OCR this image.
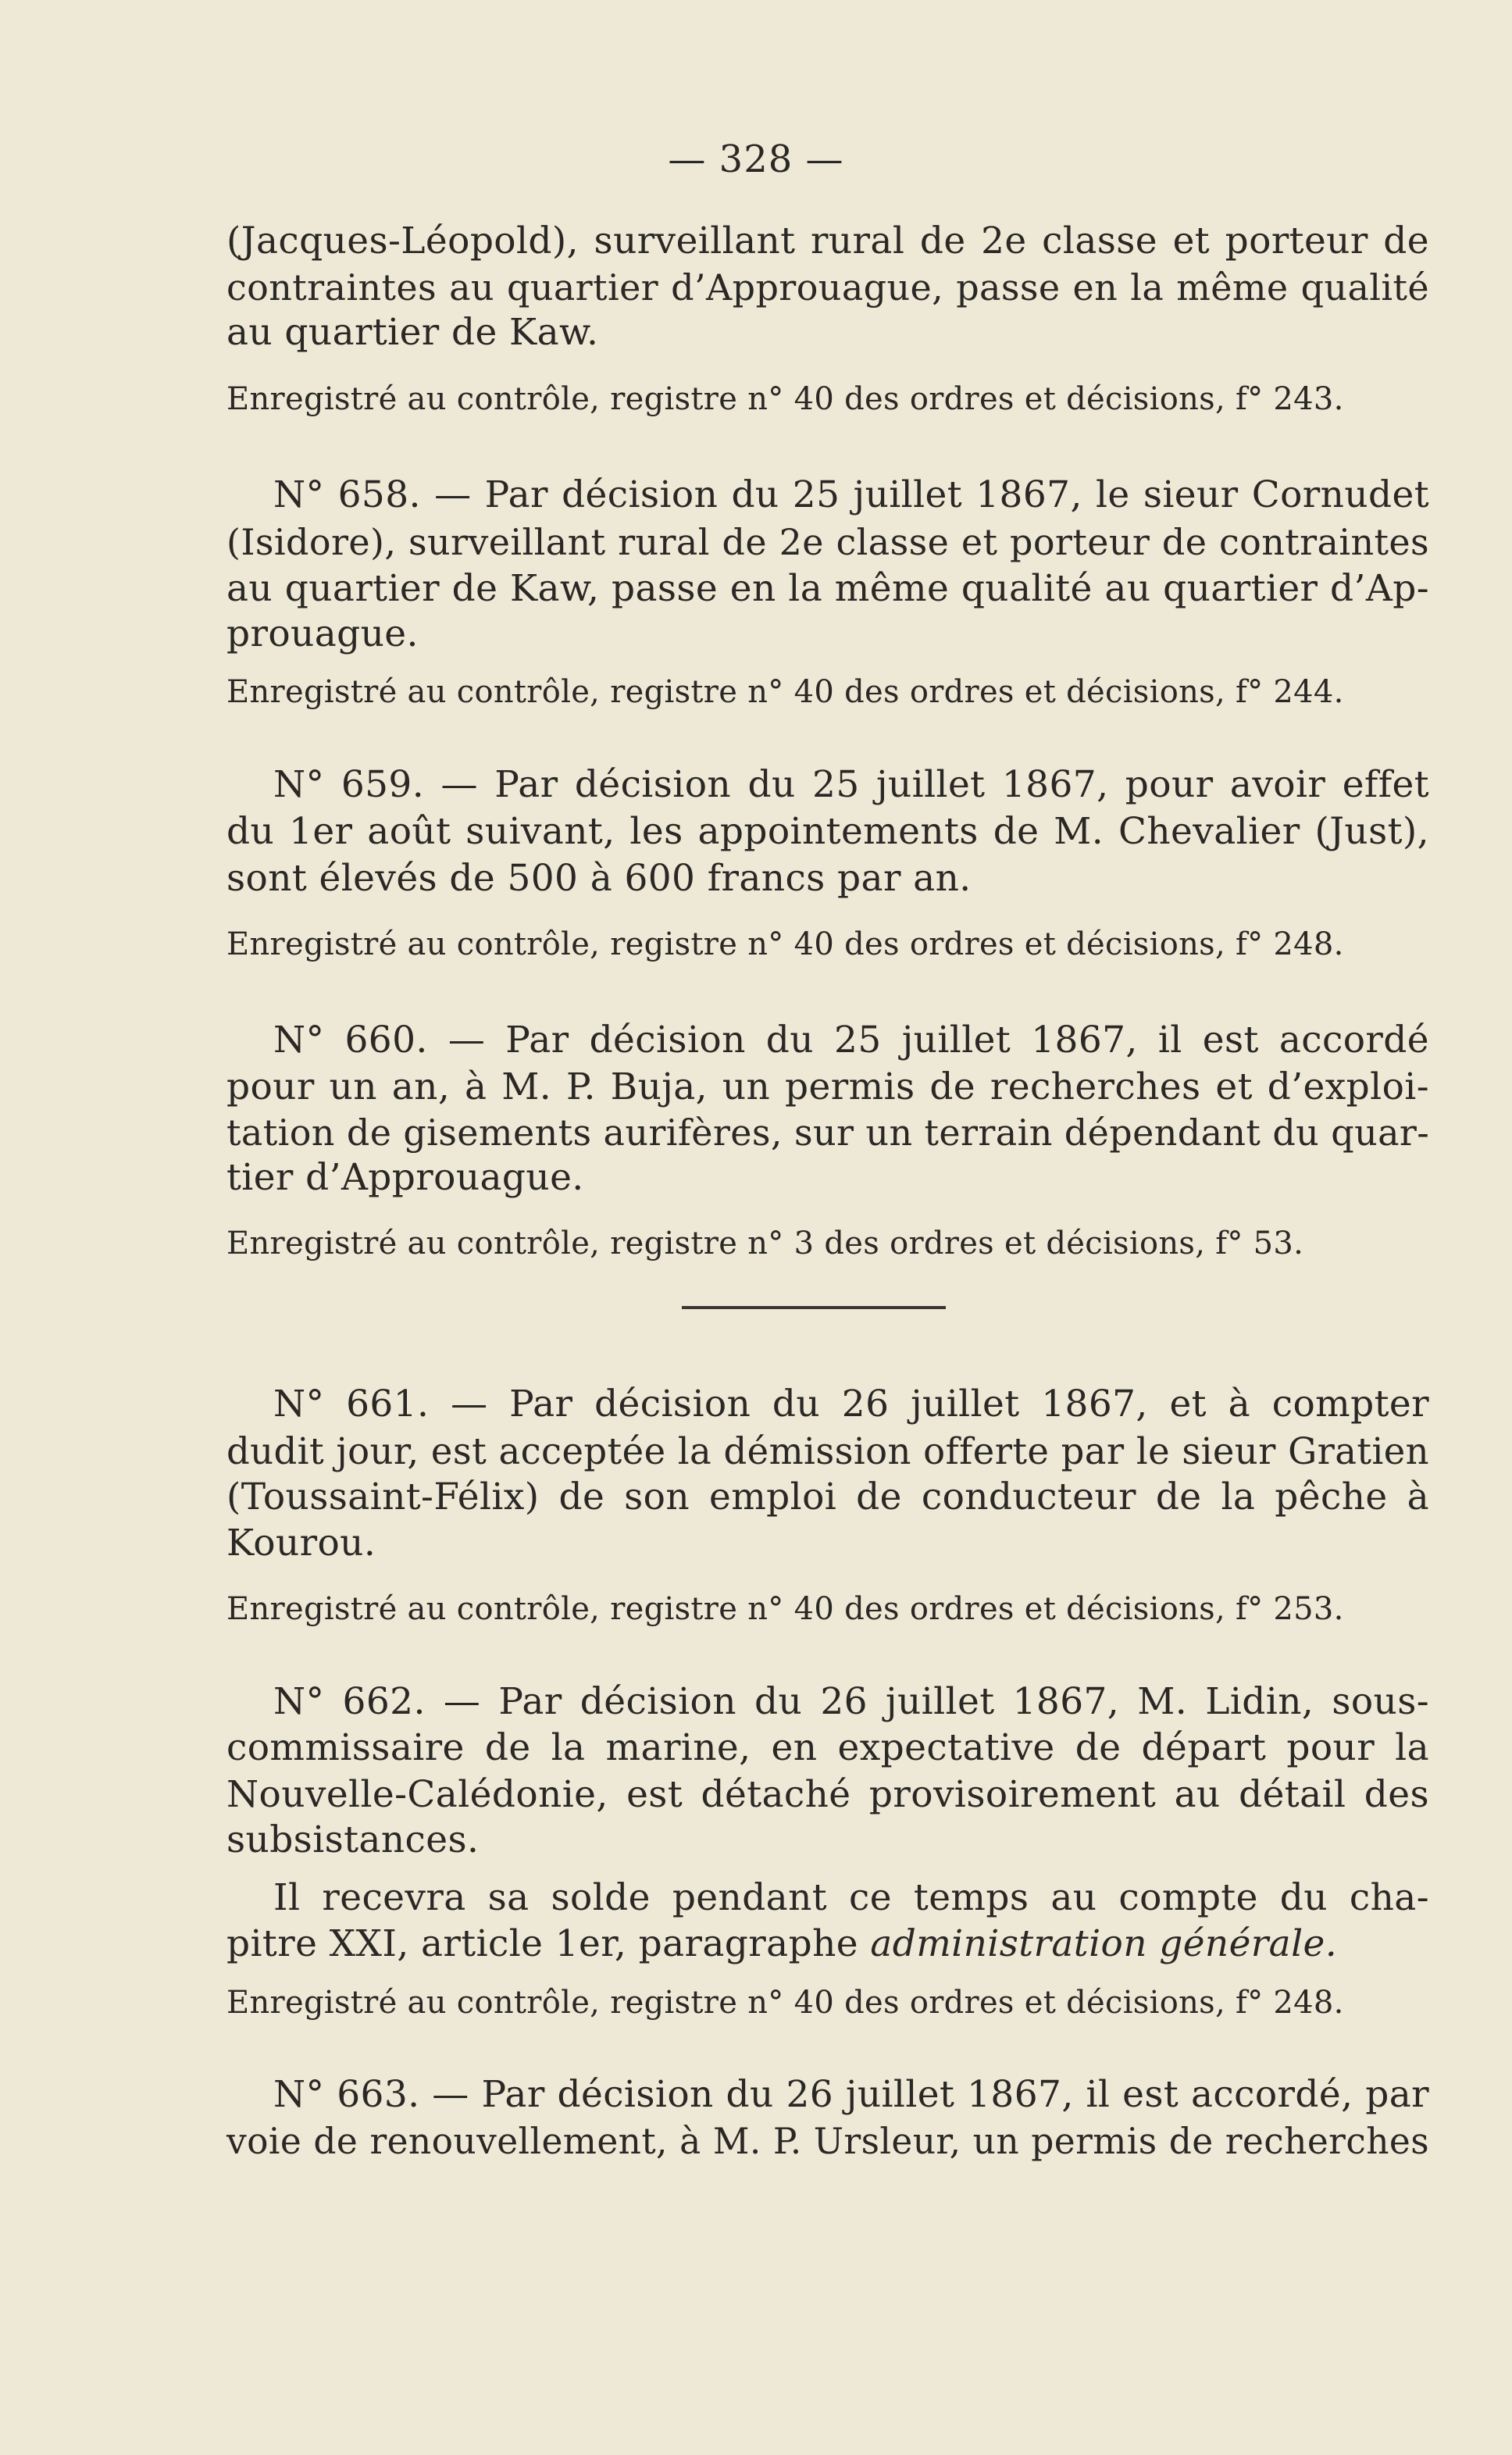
— 328 —
(Jacques-Léopold), surveillant rural de 2e classe et porteur de
contraintes au quartier d’Approuague, passe en la même qualité
au quartier de Kaw.
Enregistré au contrôle, registre n° 40 des ordres et décisions, f° 243.
N° 658. — Par décision du 25 juillet 1867, le sieur Cornudet
(Isidore), surveillant rural de 2e classe et porteur de contraintes
au quartier de Kaw, passe en la même qualité au quartier d’Ap-
prouague.
Enregistré au contrôle, registre n° 40 des ordres et décisions, f° 244.
N° 659. — Par décision du 25 juillet 1867, pour avoir effet
du 1er août suivant, les appointements de M. Chevalier (Just),
sont élevés de 500 à 600 francs par an.
Enregistré au contrôle, registre n° 40 des ordres et décisions, f° 248.
N° 660. — Par décision du 25 juillet 1867, il est accordé
pour un an, à M. P. Buja, un permis de recherches et d’exploi-
tation de gisements aurifères, sur un terrain dépendant du quar-
tier d’Approuague.
Enregistré au contrôle, registre n° 3 des ordres et décisions, f° 53.
N° 661. — Par décision du 26 juillet 1867, et à compter
dudit jour, est acceptée la démission offerte par le sieur Gratien
(Toussaint-Félix) de son emploi de conducteur de la pêche à
Kourou.
Enregistré au contrôle, registre n° 40 des ordres et décisions, f° 253.
N° 662. — Par décision du 26 juillet 1867, M. Lidin, sous-
commissaire de la marine, en expectative de départ pour la
Nouvelle-Calédonie, est détaché provisoirement au détail des
subsistances.
Il recevra sa solde pendant ce temps au compte du cha-
pitre XXI, article 1er, paragraphe administration générale.
Enregistré au contrôle, registre n° 40 des ordres et décisions, f° 248.
N° 663. — Par décision du 26 juillet 1867, il est accordé, par
voie de renouvellement, à M. P. Ursleur, un permis de recherches
